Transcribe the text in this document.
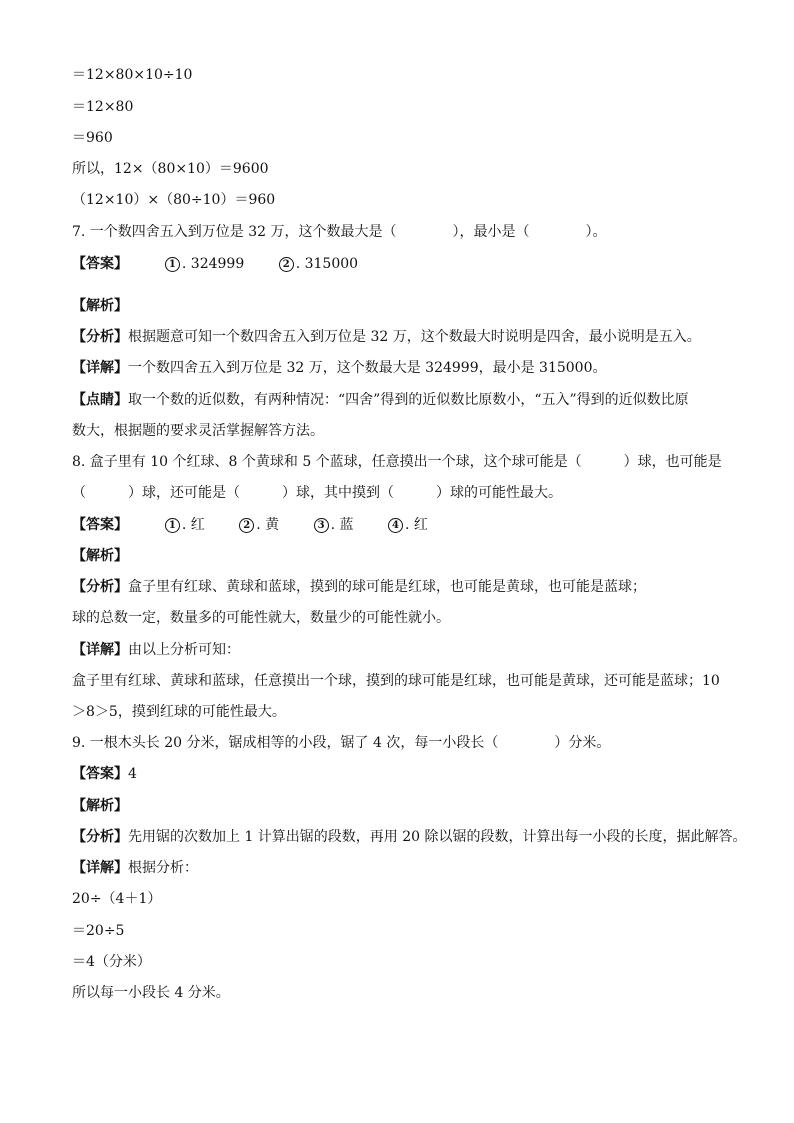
＝12×80×10÷10
＝12×80
＝960
所以，12×（80×10）＝9600
（12×10）×（80÷10）＝960
7. 一个数四舍五入到万位是 32 万，这个数最大是（　　　　），最小是（　　　　）。
【答案】	1 . 324999	2 . 315000
【解析】
【分析】根据题意可知一个数四舍五入到万位是 32 万，这个数最大时说明是四舍，最小说明是五入。
【详解】一个数四舍五入到万位是 32 万，这个数最大是 324999，最小是 315000。
【点睛】取一个数的近似数，有两种情况：“四舍”得到的近似数比原数小，“五入”得到的近似数比原
数大，根据题的要求灵活掌握解答方法。
8. 盒子里有 10 个红球、8 个黄球和 5 个蓝球，任意摸出一个球，这个球可能是（　　　）球，也可能是
（　　　）球，还可能是（　　　）球，其中摸到（　　　）球的可能性最大。
【答案】	1 . 红	2 . 黄	3 . 蓝	4 . 红
【解析】
【分析】盒子里有红球、黄球和蓝球，摸到的球可能是红球，也可能是黄球，也可能是蓝球；
球的总数一定，数量多的可能性就大，数量少的可能性就小。
【详解】由以上分析可知：
盒子里有红球、黄球和蓝球，任意摸出一个球，摸到的球可能是红球，也可能是黄球，还可能是蓝球；10
＞8＞5，摸到红球的可能性最大。
9. 一根木头长 20 分米，锯成相等的小段，锯了 4 次，每一小段长（　　　　）分米。
【答案】4
【解析】
【分析】先用锯的次数加上 1 计算出锯的段数，再用 20 除以锯的段数，计算出每一小段的长度，据此解答。
【详解】根据分析：
20÷（4＋1）
＝20÷5
＝4（分米）
所以每一小段长 4 分米。
